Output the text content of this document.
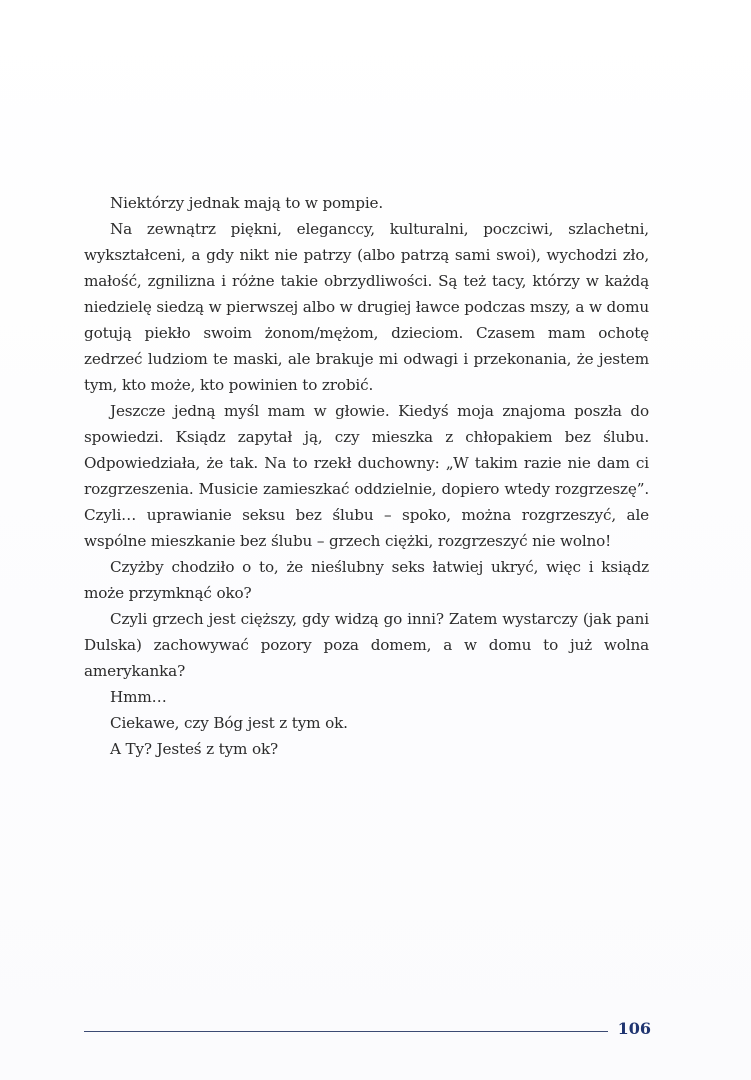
Niektórzy jednak mają to w pompie.

Na zewnątrz piękni, eleganccy, kulturalni, poczciwi, szlachetni, wykształceni, a gdy nikt nie patrzy (albo patrzą sami swoi), wychodzi zło, małość, zgnilizna i różne takie obrzydliwości. Są też tacy, którzy w każdą niedzielę siedzą w pierwszej albo w drugiej ławce podczas mszy, a w domu gotują piekło swoim żonom/mężom, dzieciom. Czasem mam ochotę zedrzeć ludziom te maski, ale brakuje mi odwagi i przekonania, że jestem tym, kto może, kto powinien to zrobić.

Jeszcze jedną myśl mam w głowie. Kiedyś moja znajoma poszła do spowiedzi. Ksiądz zapytał ją, czy mieszka z chłopakiem bez ślubu. Odpowiedziała, że tak. Na to rzekł duchowny: „W takim razie nie dam ci rozgrzeszenia. Musicie zamieszkać oddzielnie, dopiero wtedy rozgrzeszę”. Czyli… uprawianie seksu bez ślubu – spoko, można rozgrzeszyć, ale wspólne mieszkanie bez ślubu – grzech ciężki, rozgrzeszyć nie wolno!

Czyżby chodziło o to, że nieślubny seks łatwiej ukryć, więc i ksiądz może przymknąć oko?

Czyli grzech jest cięższy, gdy widzą go inni? Zatem wystarczy (jak pani Dulska) zachowywać pozory poza domem, a w domu to już wolna amerykanka?

Hmm…

Ciekawe, czy Bóg jest z tym ok.

A Ty? Jesteś z tym ok?

106
